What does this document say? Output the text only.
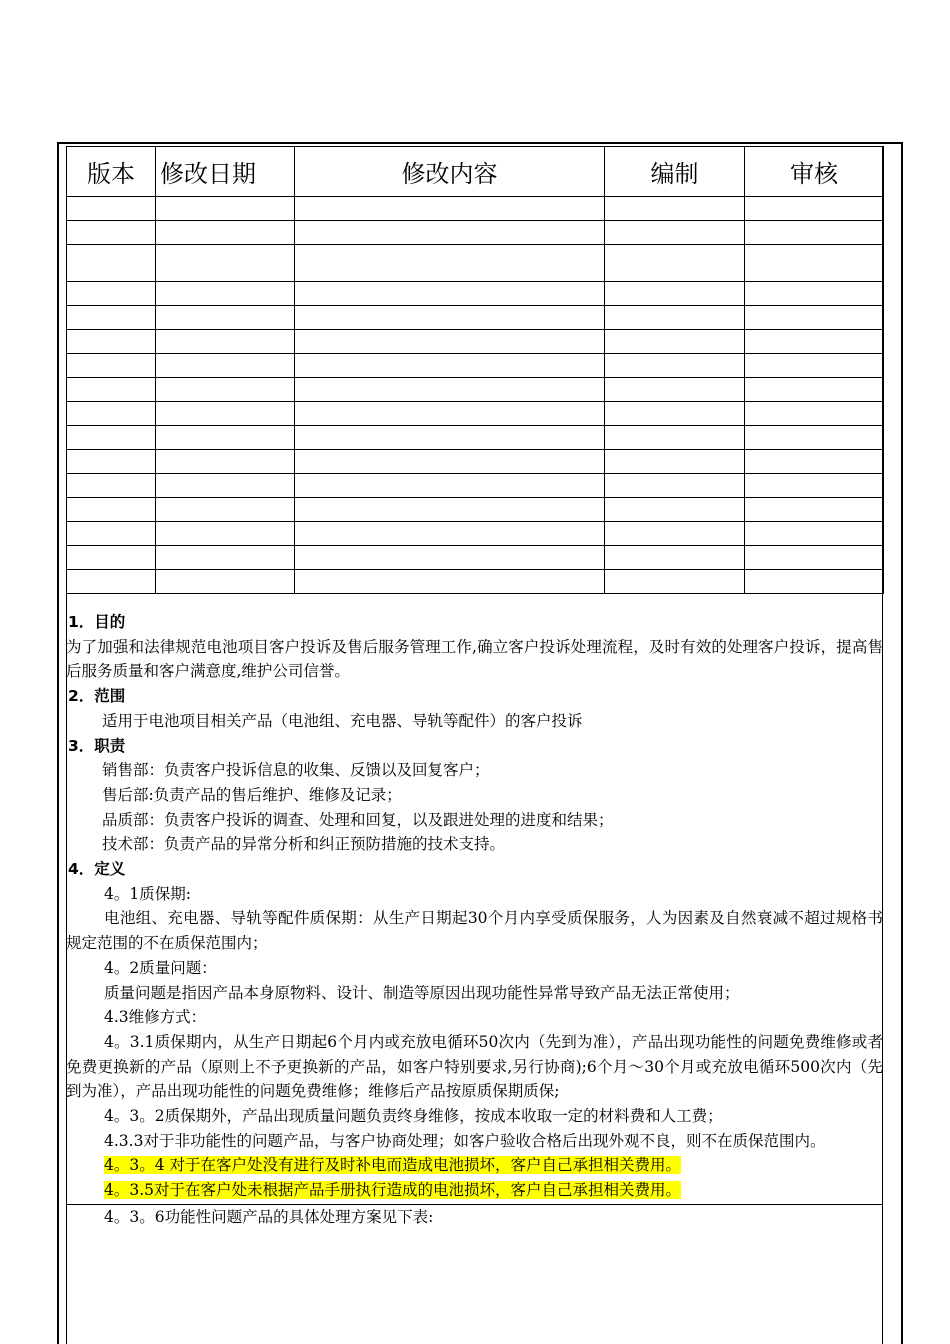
版本	修改日期	修改内容	编制	审核

1．目的

为了加强和法律规范电池项目客户投诉及售后服务管理工作,确立客户投诉处理流程，及时有效的处理客户投诉，提高售后服务质量和客户满意度,维护公司信誉。

2．范围

适用于电池项目相关产品（电池组、充电器、导轨等配件）的客户投诉

3．职责

销售部：负责客户投诉信息的收集、反馈以及回复客户；

售后部:负责产品的售后维护、维修及记录；

品质部：负责客户投诉的调查、处理和回复，以及跟进处理的进度和结果；

技术部：负责产品的异常分析和纠正预防措施的技术支持。

4．定义

4。1质保期:

电池组、充电器、导轨等配件质保期：从生产日期起30个月内享受质保服务，人为因素及自然衰减不超过规格书规定范围的不在质保范围内；

4。2质量问题：

质量问题是指因产品本身原物料、设计、制造等原因出现功能性异常导致产品无法正常使用；

4.3维修方式：

4。3.1质保期内，从生产日期起6个月内或充放电循环50次内（先到为准），产品出现功能性的问题免费维修或者免费更换新的产品（原则上不予更换新的产品，如客户特别要求,另行协商);6个月～30个月或充放电循环500次内（先到为准），产品出现功能性的问题免费维修；维修后产品按原质保期质保;

4。3。2质保期外，产品出现质量问题负责终身维修，按成本收取一定的材料费和人工费；

4.3.3对于非功能性的问题产品，与客户协商处理；如客户验收合格后出现外观不良，则不在质保范围内。

4。3。4 对于在客户处没有进行及时补电而造成电池损坏，客户自己承担相关费用。

4。3.5对于在客户处未根据产品手册执行造成的电池损坏，客户自己承担相关费用。

4。3。6功能性问题产品的具体处理方案见下表:
